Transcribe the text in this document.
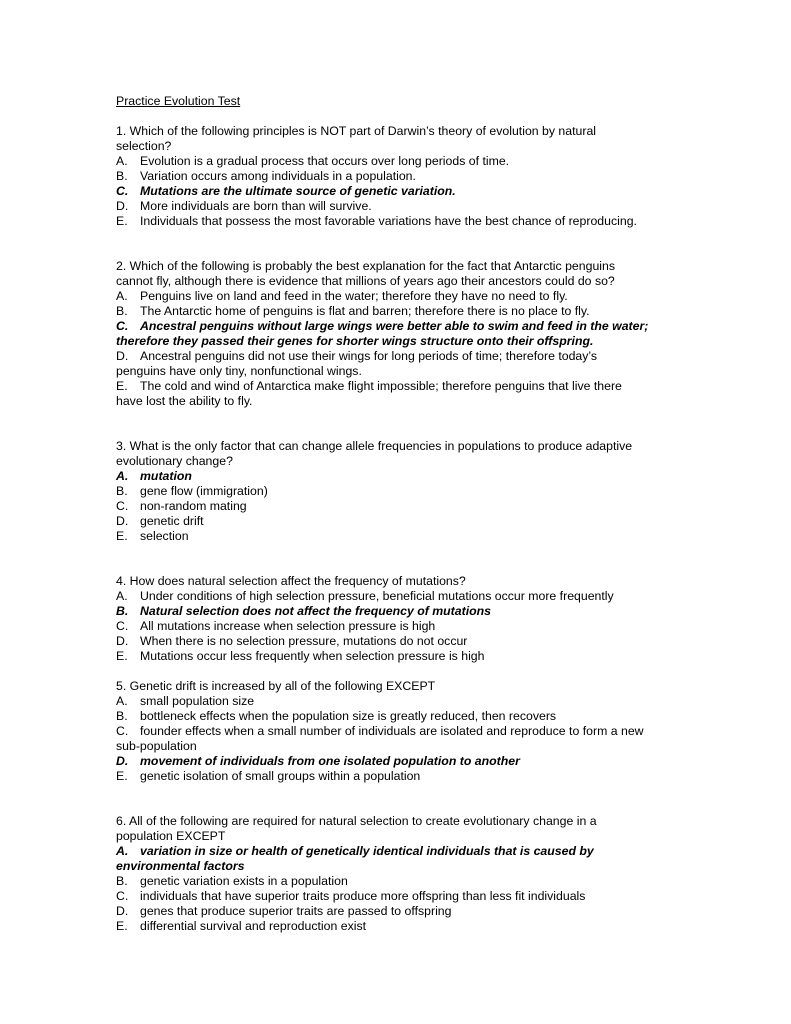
Practice Evolution Test
1. Which of the following principles is NOT part of Darwin’s theory of evolution by natural
selection?
A. Evolution is a gradual process that occurs over long periods of time.
B. Variation occurs among individuals in a population.
C. Mutations are the ultimate source of genetic variation.
D. More individuals are born than will survive.
E. Individuals that possess the most favorable variations have the best chance of reproducing.
2. Which of the following is probably the best explanation for the fact that Antarctic penguins
cannot fly, although there is evidence that millions of years ago their ancestors could do so?
A. Penguins live on land and feed in the water; therefore they have no need to fly.
B. The Antarctic home of penguins is flat and barren; therefore there is no place to fly.
C. Ancestral penguins without large wings were better able to swim and feed in the water;
therefore they passed their genes for shorter wings structure onto their offspring.
D. Ancestral penguins did not use their wings for long periods of time; therefore today’s
penguins have only tiny, nonfunctional wings.
E. The cold and wind of Antarctica make flight impossible; therefore penguins that live there
have lost the ability to fly.
3. What is the only factor that can change allele frequencies in populations to produce adaptive
evolutionary change?
A. mutation
B. gene flow (immigration)
C. non-random mating
D. genetic drift
E. selection
4. How does natural selection affect the frequency of mutations?
A. Under conditions of high selection pressure, beneficial mutations occur more frequently
B. Natural selection does not affect the frequency of mutations
C. All mutations increase when selection pressure is high
D. When there is no selection pressure, mutations do not occur
E. Mutations occur less frequently when selection pressure is high
5. Genetic drift is increased by all of the following EXCEPT
A. small population size
B. bottleneck effects when the population size is greatly reduced, then recovers
C. founder effects when a small number of individuals are isolated and reproduce to form a new
sub-population
D. movement of individuals from one isolated population to another
E. genetic isolation of small groups within a population
6. All of the following are required for natural selection to create evolutionary change in a
population EXCEPT
A. variation in size or health of genetically identical individuals that is caused by
environmental factors
B. genetic variation exists in a population
C. individuals that have superior traits produce more offspring than less fit individuals
D. genes that produce superior traits are passed to offspring
E. differential survival and reproduction exist
